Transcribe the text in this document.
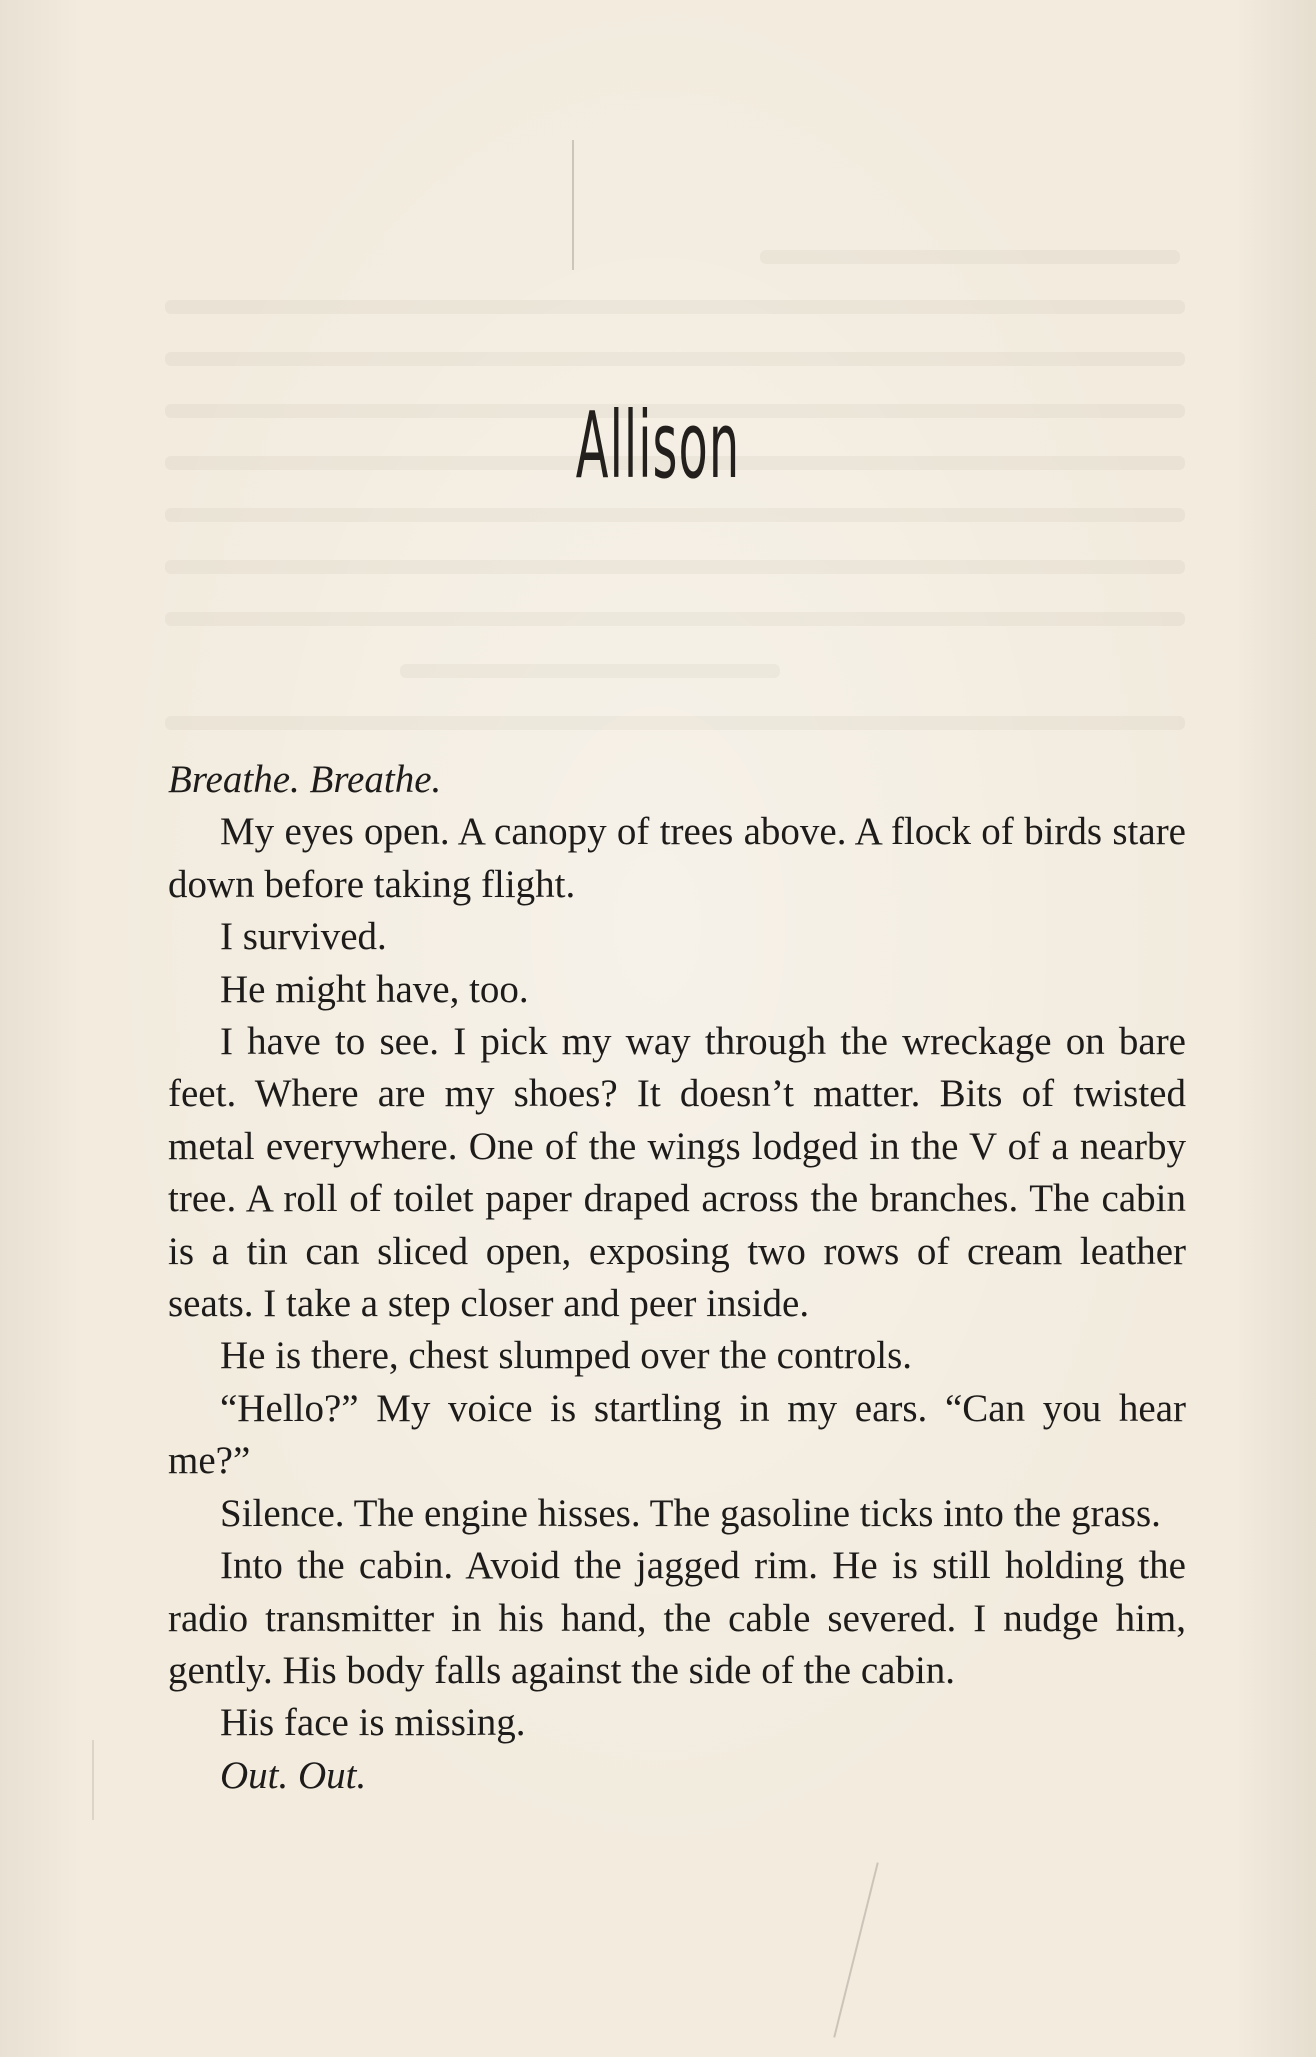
Allison

Breathe. Breathe.

My eyes open. A canopy of trees above. A flock of birds stare down before taking flight.

I survived.

He might have, too.

I have to see. I pick my way through the wreckage on bare feet. Where are my shoes? It doesn’t matter. Bits of twisted metal everywhere. One of the wings lodged in the V of a nearby tree. A roll of toilet paper draped across the branches. The cabin is a tin can sliced open, exposing two rows of cream leather seats. I take a step closer and peer inside.

He is there, chest slumped over the controls.

“Hello?” My voice is startling in my ears. “Can you hear me?”

Silence. The engine hisses. The gasoline ticks into the grass.

Into the cabin. Avoid the jagged rim. He is still holding the radio transmitter in his hand, the cable severed. I nudge him, gently. His body falls against the side of the cabin.

His face is missing.

Out. Out.
